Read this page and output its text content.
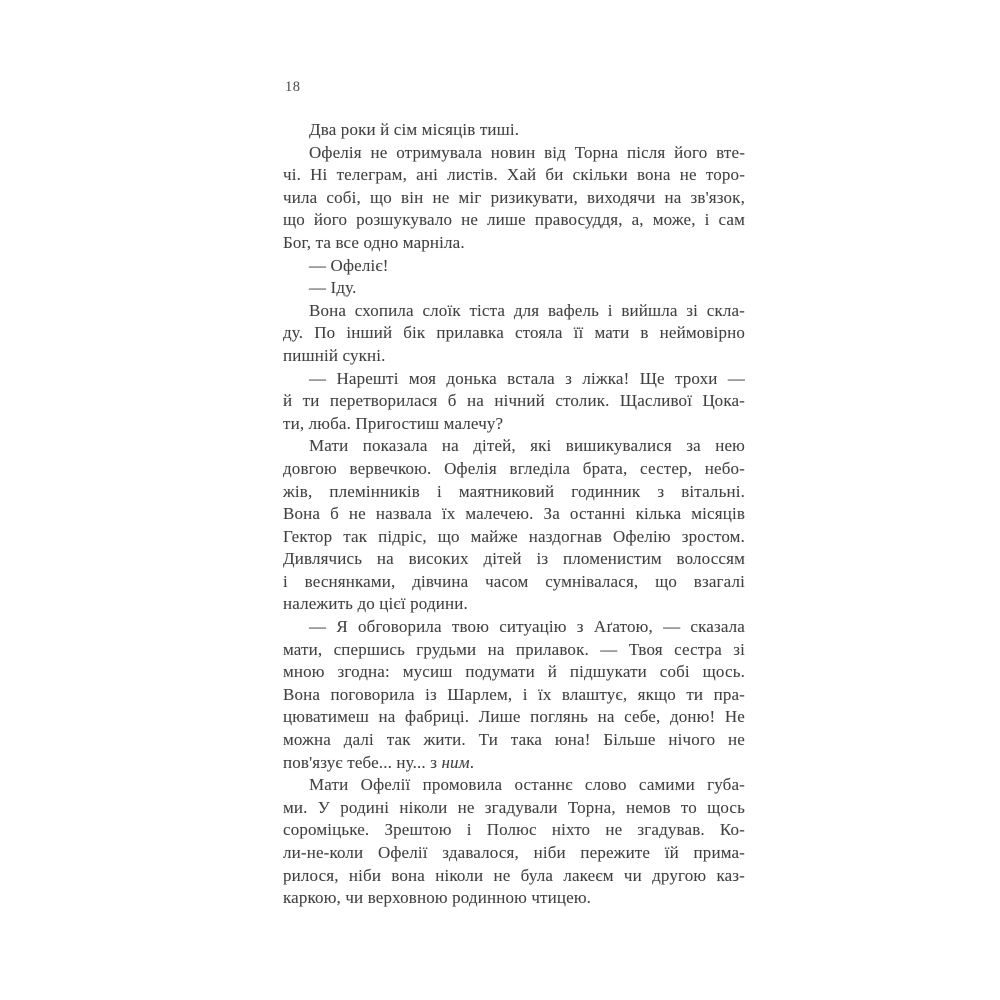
18
Два роки й сім місяців тиші.
Офелія не отримувала новин від Торна після його вте-
чі. Ні телеграм, ані листів. Хай би скільки вона не торо-
чила собі, що він не міг ризикувати, виходячи на зв'язок,
що його розшукувало не лише правосуддя, а, може, і сам
Бог, та все одно марніла.
— Офеліє!
— Іду.
Вона схопила слоїк тіста для вафель і вийшла зі скла-
ду. По інший бік прилавка стояла її мати в неймовірно
пишній сукні.
— Нарешті моя донька встала з ліжка! Ще трохи —
й ти перетворилася б на нічний столик. Щасливої Цока-
ти, люба. Пригостиш малечу?
Мати показала на дітей, які вишикувалися за нею
довгою вервечкою. Офелія вгледіла брата, сестер, небо-
жів, племінників і маятниковий годинник з вітальні.
Вона б не назвала їх малечею. За останні кілька місяців
Гектор так підріс, що майже наздогнав Офелію зростом.
Дивлячись на високих дітей із пломенистим волоссям
і веснянками, дівчина часом сумнівалася, що взагалі
належить до цієї родини.
— Я обговорила твою ситуацію з Аґатою, — сказала
мати, спершись грудьми на прилавок. — Твоя сестра зі
мною згодна: мусиш подумати й підшукати собі щось.
Вона поговорила із Шарлем, і їх влаштує, якщо ти пра-
цюватимеш на фабриці. Лише поглянь на себе, доню! Не
можна далі так жити. Ти така юна! Більше нічого не
пов'язує тебе... ну... з ним.
Мати Офелії промовила останнє слово самими губа-
ми. У родині ніколи не згадували Торна, немов то щось
сороміцьке. Зрештою і Полюс ніхто не згадував. Ко-
ли-не-коли Офелії здавалося, ніби пережите їй прима-
рилося, ніби вона ніколи не була лакеєм чи другою каз-
каркою, чи верховною родинною чтицею.
